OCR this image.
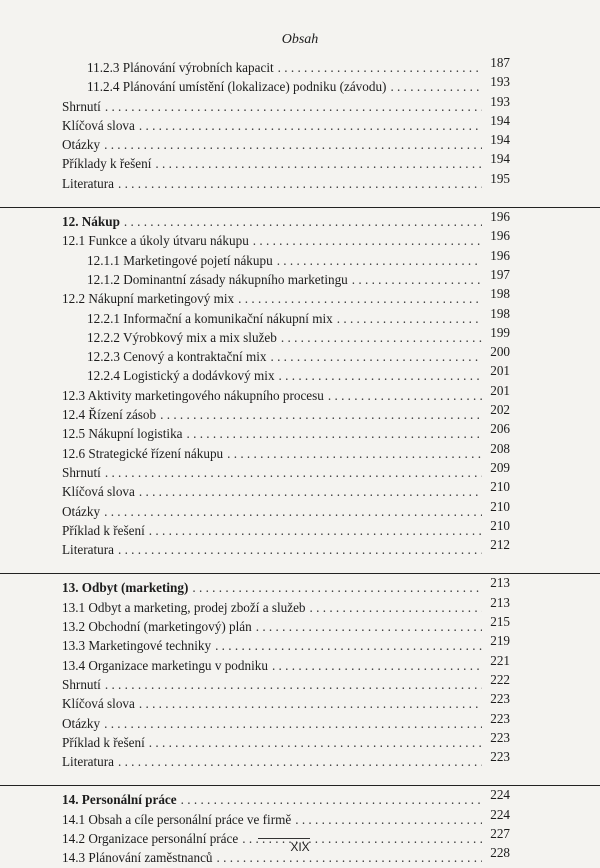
Obsah
11.2.3 Plánování výrobních kapacit . . .	187
11.2.4 Plánování umístění (lokalizace) podniku (závodu) . . .	193
Shrnutí . . .	193
Klíčová slova . . .	194
Otázky . . .	194
Příklady k řešení . . .	194
Literatura . . .	195
12. Nákup . . .	196
12.1 Funkce a úkoly útvaru nákupu . . .	196
12.1.1 Marketingové pojetí nákupu . . .	196
12.1.2 Dominantní zásady nákupního marketingu . . .	197
12.2 Nákupní marketingový mix . . .	198
12.2.1 Informační a komunikační nákupní mix . . .	198
12.2.2 Výrobkový mix a mix služeb . . .	199
12.2.3 Cenový a kontraktační mix . . .	200
12.2.4 Logistický a dodávkový mix . . .	201
12.3 Aktivity marketingového nákupního procesu . . .	201
12.4 Řízení zásob . . .	202
12.5 Nákupní logistika . . .	206
12.6 Strategické řízení nákupu . . .	208
Shrnutí . . .	209
Klíčová slova . . .	210
Otázky . . .	210
Příklad k řešení . . .	210
Literatura . . .	212
13. Odbyt (marketing) . . .	213
13.1 Odbyt a marketing, prodej zboží a služeb . . .	213
13.2 Obchodní (marketingový) plán . . .	215
13.3 Marketingové techniky . . .	219
13.4 Organizace marketingu v podniku . . .	221
Shrnutí . . .	222
Klíčová slova . . .	223
Otázky . . .	223
Příklad k řešení . . .	223
Literatura . . .	223
14. Personální práce . . .	224
14.1 Obsah a cíle personální práce ve firmě . . .	224
14.2 Organizace personální práce . . .	227
14.3 Plánování zaměstnanců . . .	228
XIX
